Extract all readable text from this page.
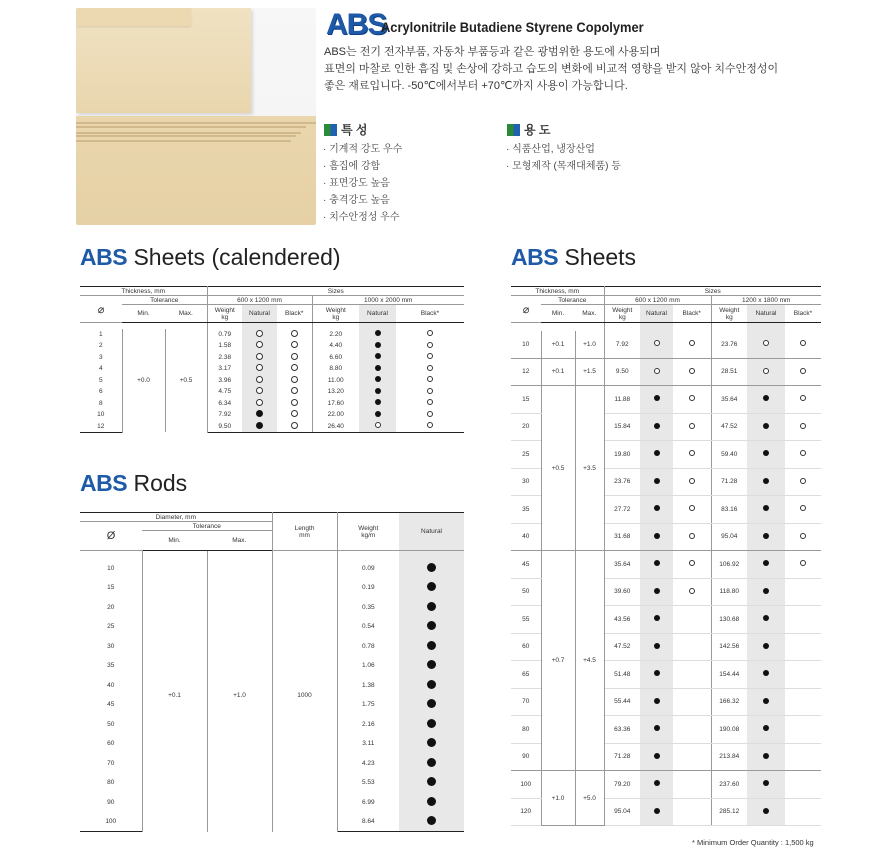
ABS
Acrylonitrile Butadiene Styrene Copolymer
ABS는 전기 전자부품, 자동차 부품등과 같은 광범위한 용도에 사용되며
표면의 마찰로 인한 흠집 및 손상에 강하고 습도의 변화에 비교적 영향을 받지 않아 치수안정성이
좋은 재료입니다. -50℃에서부터 +70℃까지 사용이 가능합니다.
특 성
· 기계적 강도 우수
· 흠집에 강함
· 표면강도 높음
· 충격강도 높음
· 치수안정성 우수
용 도
· 식품산업, 냉장산업
· 모형제작 (목재대체품) 등
ABS Sheets (calendered)
ABS Rods
ABS Sheets
Thickness, mm			Sizes					
⌀	Tolerance		600 x 1200 mm			1000 x 2000 mm		
	Min.	Max.	Weight
kg	Natural	Black*	Weight
kg	Natural	Black*

1	+0.0	+0.5	0.79			2.20		
2			1.58			4.40		
3			2.38			6.60		
4			3.17			8.80		
5			3.96			11.00		
6			4.75			13.20		
8			6.34			17.60		
10			7.92			22.00		
12			9.50			26.40		
Diameter, mm			Length
mm	Weight
kg/m	Natural
Ø	Tolerance				
	Min.	Max.			

10	+0.1	+1.0	1000	0.09	
15				0.19	
20				0.35	
25				0.54	
30				0.78	
35				1.06	
40				1.38	
45				1.75	
50				2.16	
60				3.11	
70				4.23	
80				5.53	
90				6.99	
100				8.64	
Thickness, mm			Sizes					
⌀	Tolerance		600 x 1200 mm			1200 x 1800 mm		
	Min.	Max.	Weight
kg	Natural	Black*	Weight
kg	Natural	Black*

10	+0.1	+1.0	7.92			23.76		
12	+0.1	+1.5	9.50			28.51		
15	+0.5	+3.5	11.88			35.64		
20			15.84			47.52		
25			19.80			59.40		
30			23.76			71.28		
35			27.72			83.16		
40			31.68			95.04		
45	+0.7	+4.5	35.64			106.92		
50			39.60			118.80		
55			43.56			130.68		
60			47.52			142.56		
65			51.48			154.44		
70			55.44			166.32		
80			63.36			190.08		
90			71.28			213.84		
100	+1.0	+5.0	79.20			237.60		
120			95.04			285.12		
* Minimum Order Quantity : 1,500 kg
